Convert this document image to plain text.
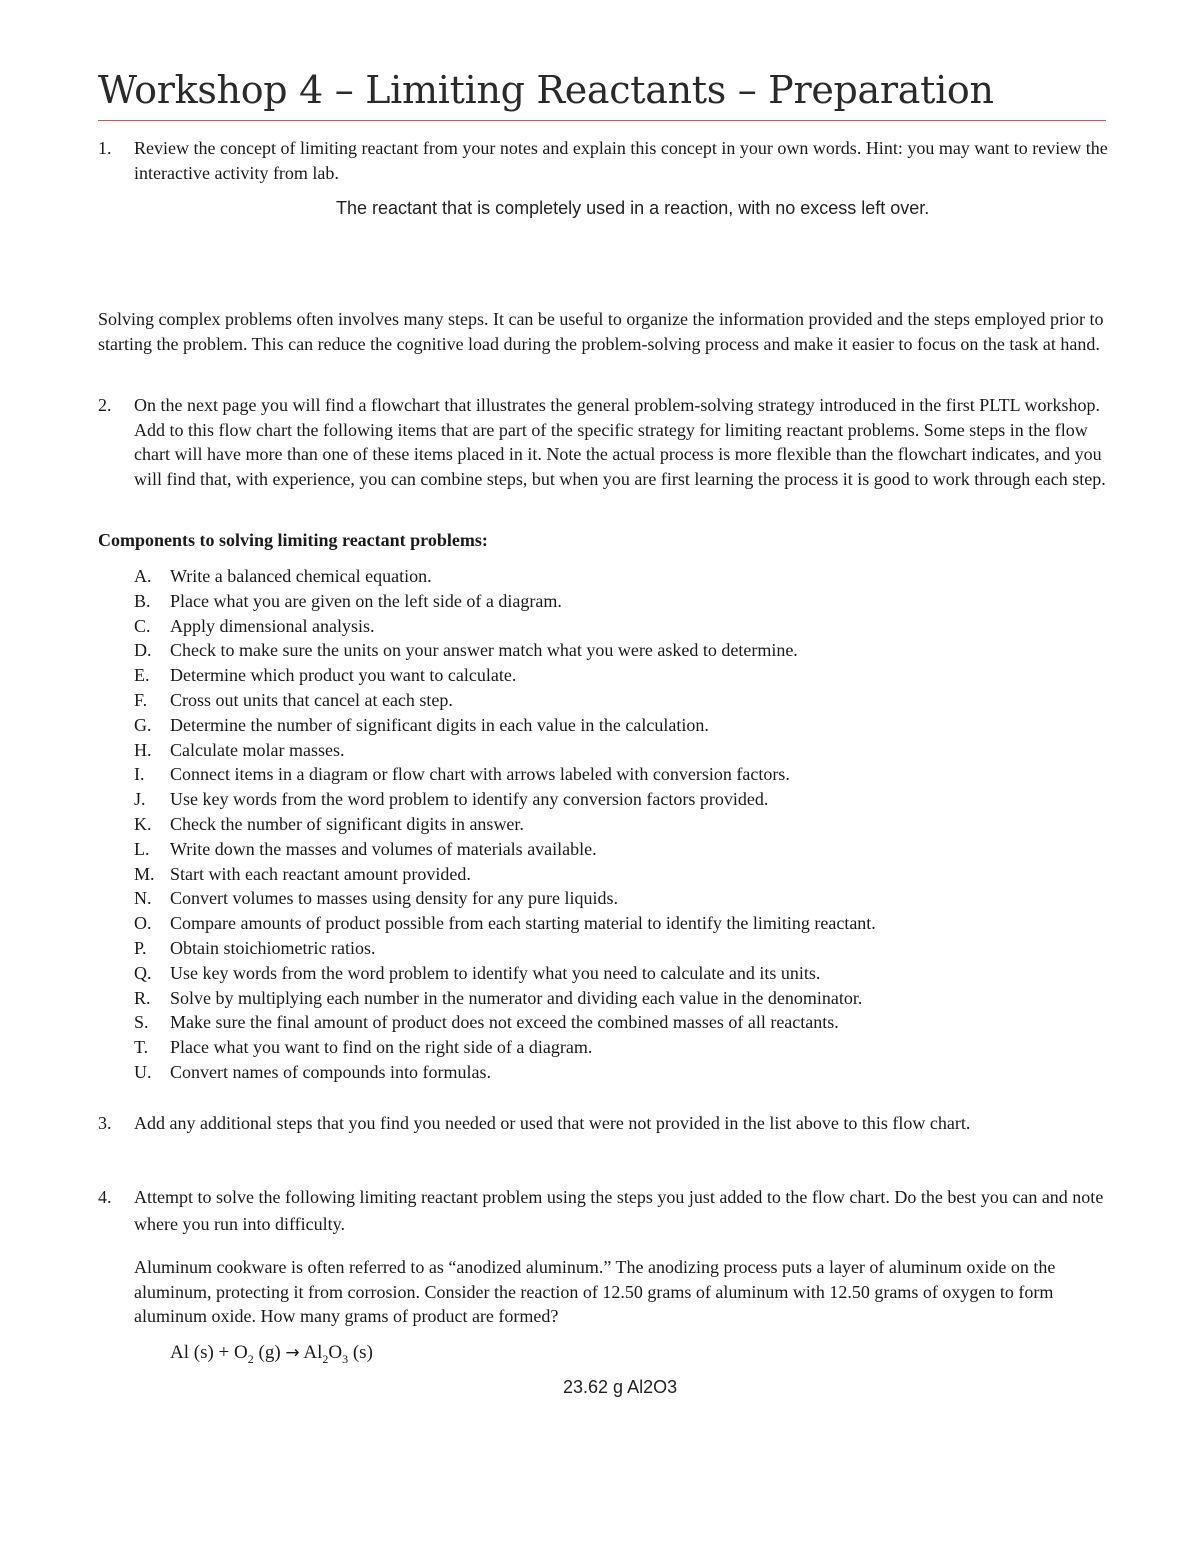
Workshop 4 – Limiting Reactants – Preparation
1.	Review the concept of limiting reactant from your notes and explain this concept in your own words. Hint: you may want to review the interactive activity from lab.
The reactant that is completely used in a reaction, with no excess left over.
Solving complex problems often involves many steps. It can be useful to organize the information provided and the steps employed prior to starting the problem. This can reduce the cognitive load during the problem-solving process and make it easier to focus on the task at hand.
2.	On the next page you will find a flowchart that illustrates the general problem-solving strategy introduced in the first PLTL workshop. Add to this flow chart the following items that are part of the specific strategy for limiting reactant problems. Some steps in the flow chart will have more than one of these items placed in it. Note the actual process is more flexible than the flowchart indicates, and you will find that, with experience, you can combine steps, but when you are first learning the process it is good to work through each step.
Components to solving limiting reactant problems:
A. Write a balanced chemical equation.
B. Place what you are given on the left side of a diagram.
C. Apply dimensional analysis.
D. Check to make sure the units on your answer match what you were asked to determine.
E. Determine which product you want to calculate.
F. Cross out units that cancel at each step.
G. Determine the number of significant digits in each value in the calculation.
H. Calculate molar masses.
I. Connect items in a diagram or flow chart with arrows labeled with conversion factors.
J. Use key words from the word problem to identify any conversion factors provided.
K. Check the number of significant digits in answer.
L. Write down the masses and volumes of materials available.
M. Start with each reactant amount provided.
N. Convert volumes to masses using density for any pure liquids.
O. Compare amounts of product possible from each starting material to identify the limiting reactant.
P. Obtain stoichiometric ratios.
Q. Use key words from the word problem to identify what you need to calculate and its units.
R. Solve by multiplying each number in the numerator and dividing each value in the denominator.
S. Make sure the final amount of product does not exceed the combined masses of all reactants.
T. Place what you want to find on the right side of a diagram.
U. Convert names of compounds into formulas.
3.	Add any additional steps that you find you needed or used that were not provided in the list above to this flow chart.
4.	Attempt to solve the following limiting reactant problem using the steps you just added to the flow chart. Do the best you can and note where you run into difficulty.
Aluminum cookware is often referred to as “anodized aluminum.” The anodizing process puts a layer of aluminum oxide on the aluminum, protecting it from corrosion. Consider the reaction of 12.50 grams of aluminum with 12.50 grams of oxygen to form aluminum oxide. How many grams of product are formed?
Al $(s) + O_2$ $(g) \to Al_2O_3$ (s)
23.62 g Al2O3
